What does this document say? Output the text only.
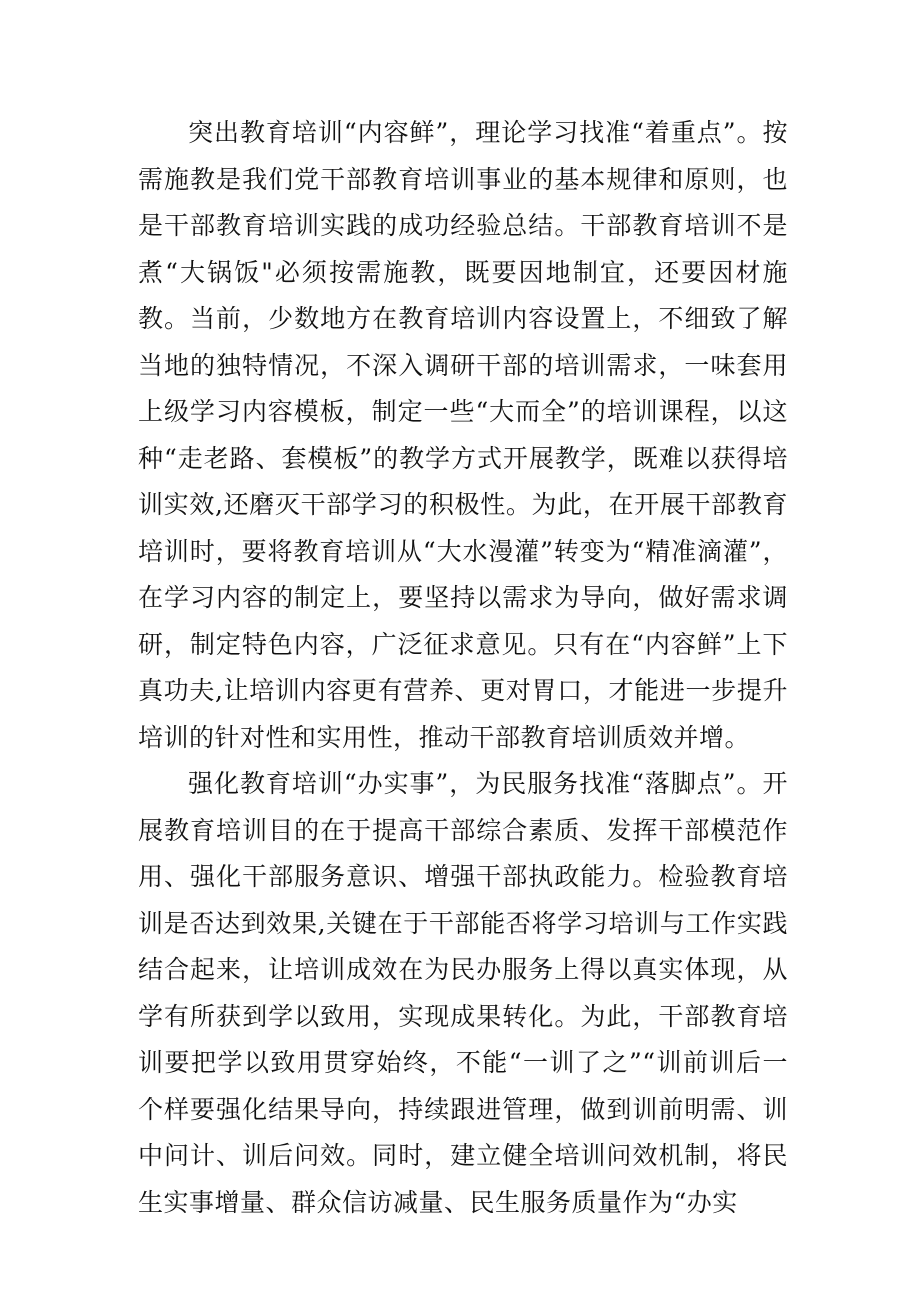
突出教育培训“内容鲜”，理论学习找准“着重点”。按需施教是我们党干部教育培训事业的基本规律和原则，也是干部教育培训实践的成功经验总结。干部教育培训不是煮“大锅饭"必须按需施教，既要因地制宜，还要因材施教。当前，少数地方在教育培训内容设置上，不细致了解当地的独特情况，不深入调研干部的培训需求，一味套用上级学习内容模板，制定一些“大而全”的培训课程，以这种“走老路、套模板”的教学方式开展教学，既难以获得培训实效,还磨灭干部学习的积极性。为此，在开展干部教育培训时，要将教育培训从“大水漫灌”转变为“精准滴灌”，在学习内容的制定上，要坚持以需求为导向，做好需求调研，制定特色内容，广泛征求意见。只有在“内容鲜”上下真功夫,让培训内容更有营养、更对胃口，才能进一步提升培训的针对性和实用性，推动干部教育培训质效并增。

强化教育培训“办实事”，为民服务找准“落脚点”。开展教育培训目的在于提高干部综合素质、发挥干部模范作用、强化干部服务意识、增强干部执政能力。检验教育培训是否达到效果,关键在于干部能否将学习培训与工作实践结合起来，让培训成效在为民办服务上得以真实体现，从学有所获到学以致用，实现成果转化。为此，干部教育培训要把学以致用贯穿始终，不能“一训了之”“训前训后一个样要强化结果导向，持续跟进管理，做到训前明需、训中问计、训后问效。同时，建立健全培训问效机制，将民生实事增量、群众信访减量、民生服务质量作为“办实
